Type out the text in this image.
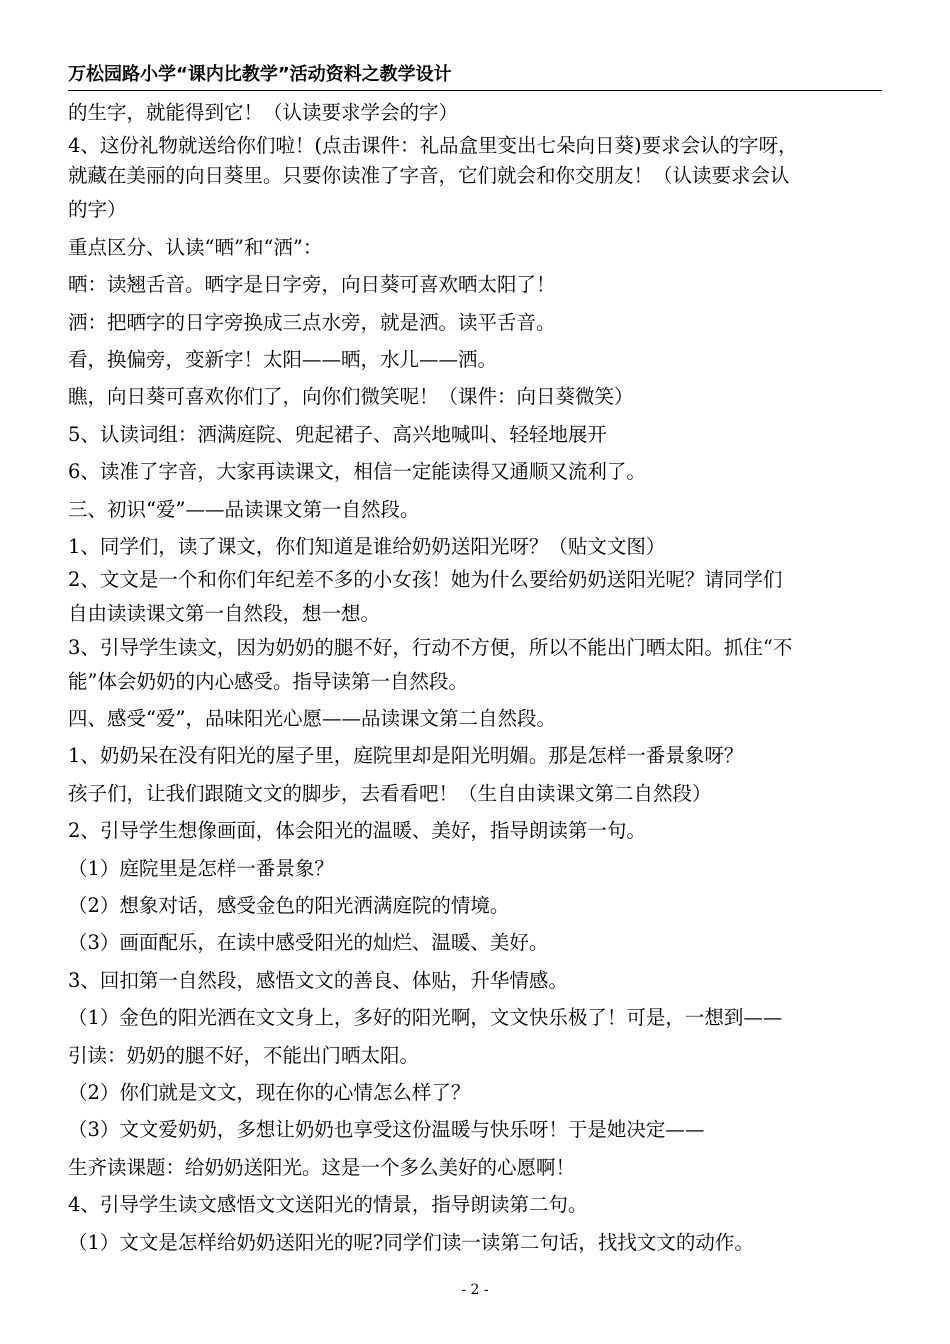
万松园路小学“课内比教学”活动资料之教学设计
的生字，就能得到它！（认读要求学会的字）
4、这份礼物就送给你们啦！(点击课件：礼品盒里变出七朵向日葵)要求会认的字呀，
就藏在美丽的向日葵里。只要你读准了字音，它们就会和你交朋友！（认读要求会认
的字）
重点区分、认读“晒”和“洒”：
晒：读翘舌音。晒字是日字旁，向日葵可喜欢晒太阳了！
洒：把晒字的日字旁换成三点水旁，就是洒。读平舌音。
看，换偏旁，变新字！太阳——晒，水儿——洒。
瞧，向日葵可喜欢你们了，向你们微笑呢！（课件：向日葵微笑）
5、认读词组：洒满庭院、兜起裙子、高兴地喊叫、轻轻地展开
6、读准了字音，大家再读课文，相信一定能读得又通顺又流利了。
三、初识“爱”——品读课文第一自然段。
1、同学们，读了课文，你们知道是谁给奶奶送阳光呀？（贴文文图）
2、文文是一个和你们年纪差不多的小女孩！她为什么要给奶奶送阳光呢？请同学们
自由读读课文第一自然段，想一想。
3、引导学生读文，因为奶奶的腿不好，行动不方便，所以不能出门晒太阳。抓住“不
能”体会奶奶的内心感受。指导读第一自然段。
四、感受“爱”，品味阳光心愿——品读课文第二自然段。
1、奶奶呆在没有阳光的屋子里，庭院里却是阳光明媚。那是怎样一番景象呀？
孩子们，让我们跟随文文的脚步，去看看吧！（生自由读课文第二自然段）
2、引导学生想像画面，体会阳光的温暖、美好，指导朗读第一句。
（1）庭院里是怎样一番景象？
（2）想象对话，感受金色的阳光洒满庭院的情境。
（3）画面配乐，在读中感受阳光的灿烂、温暖、美好。
3、回扣第一自然段，感悟文文的善良、体贴，升华情感。
（1）金色的阳光洒在文文身上，多好的阳光啊，文文快乐极了！可是，一想到——
引读：奶奶的腿不好，不能出门晒太阳。
（2）你们就是文文，现在你的心情怎么样了？
（3）文文爱奶奶，多想让奶奶也享受这份温暖与快乐呀！于是她决定——
生齐读课题：给奶奶送阳光。这是一个多么美好的心愿啊！
4、引导学生读文感悟文文送阳光的情景，指导朗读第二句。
（1）文文是怎样给奶奶送阳光的呢?同学们读一读第二句话，找找文文的动作。
- 2 -
